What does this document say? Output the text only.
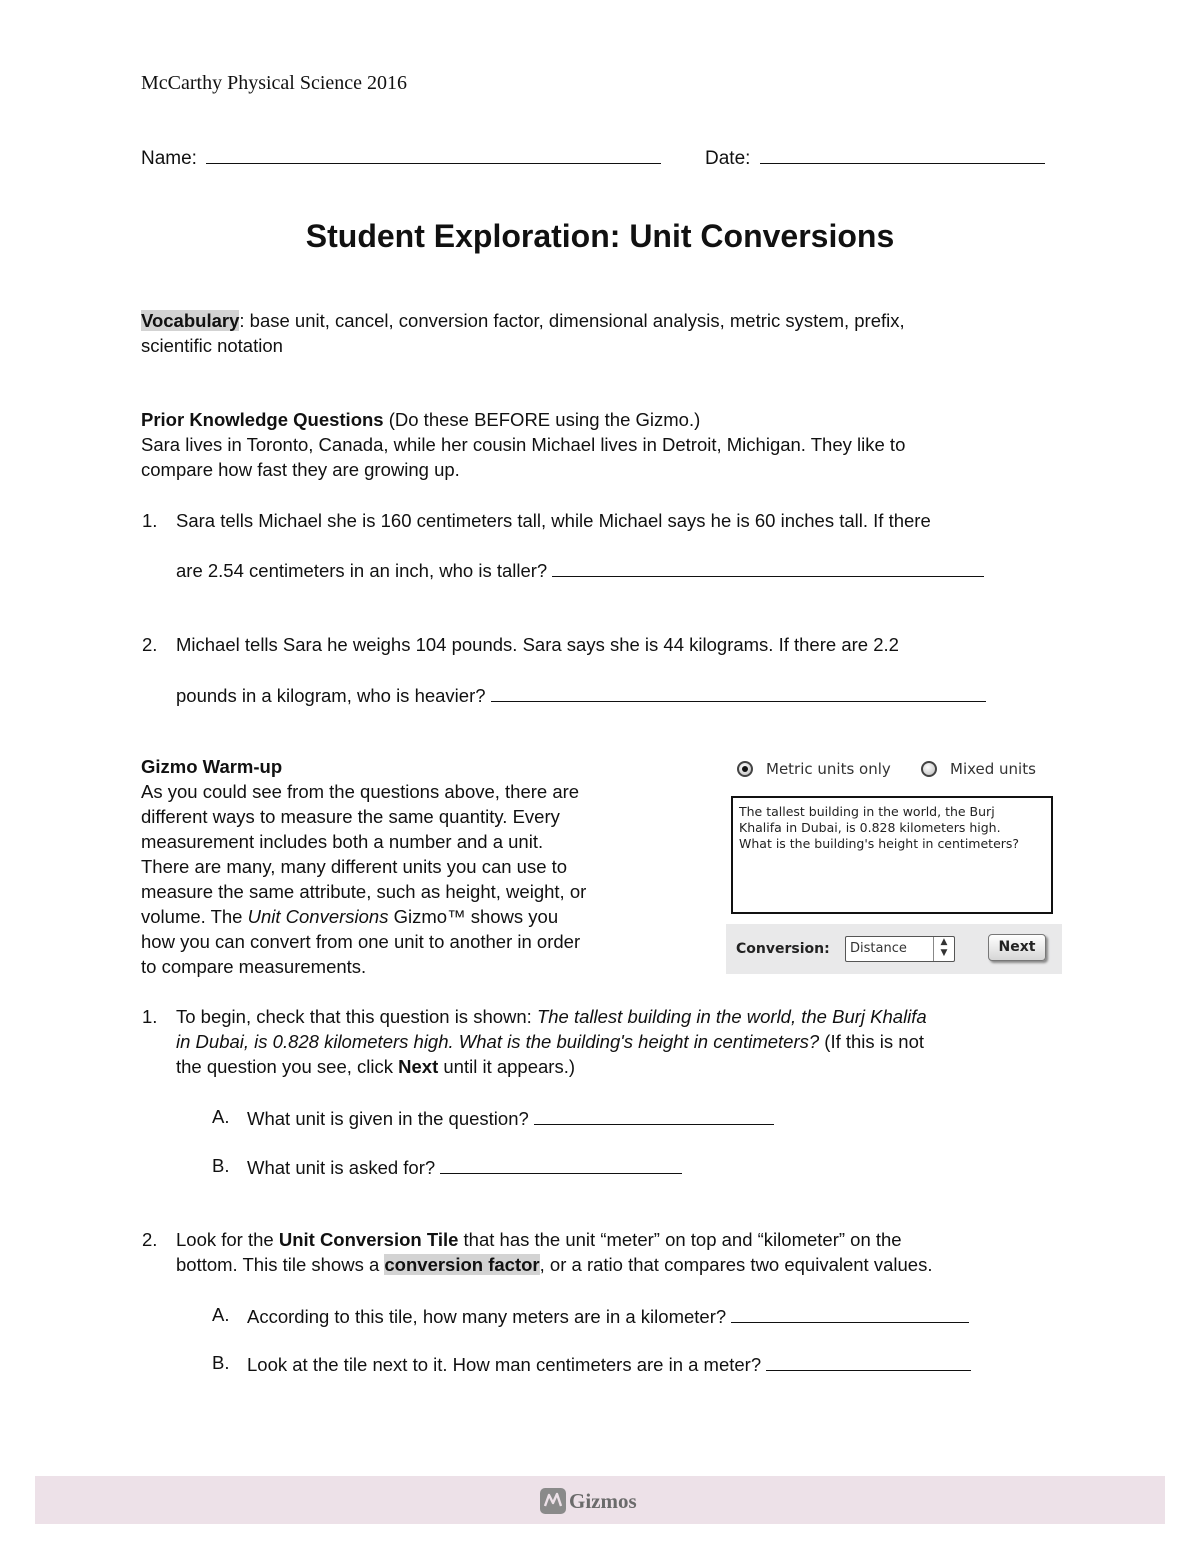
McCarthy Physical Science 2016
Name:	Date:
Student Exploration: Unit Conversions
Vocabulary: base unit, cancel, conversion factor, dimensional analysis, metric system, prefix,
scientific notation
Prior Knowledge Questions (Do these BEFORE using the Gizmo.)
Sara lives in Toronto, Canada, while her cousin Michael lives in Detroit, Michigan. They like to
compare how fast they are growing up.
1. Sara tells Michael she is 160 centimeters tall, while Michael says he is 60 inches tall. If there
are 2.54 centimeters in an inch, who is taller?
2. Michael tells Sara he weighs 104 pounds. Sara says she is 44 kilograms. If there are 2.2
pounds in a kilogram, who is heavier?
Gizmo Warm-up
As you could see from the questions above, there are
different ways to measure the same quantity. Every
measurement includes both a number and a unit.
There are many, many different units you can use to
measure the same attribute, such as height, weight, or
volume. The Unit Conversions Gizmo™ shows you
how you can convert from one unit to another in order
to compare measurements.
Metric units only	Mixed units
The tallest building in the world, the Burj
Khalifa in Dubai, is 0.828 kilometers high.
What is the building's height in centimeters?
Conversion: Distance	▲
▼	Next
1. To begin, check that this question is shown: The tallest building in the world, the Burj Khalifa
in Dubai, is 0.828 kilometers high. What is the building's height in centimeters? (If this is not
the question you see, click Next until it appears.)
A. What unit is given in the question?
B. What unit is asked for?
2. Look for the Unit Conversion Tile that has the unit “meter” on top and “kilometer” on the
bottom. This tile shows a conversion factor, or a ratio that compares two equivalent values.
A. According to this tile, how many meters are in a kilometer?
B. Look at the tile next to it. How man centimeters are in a meter?
Gizmos
